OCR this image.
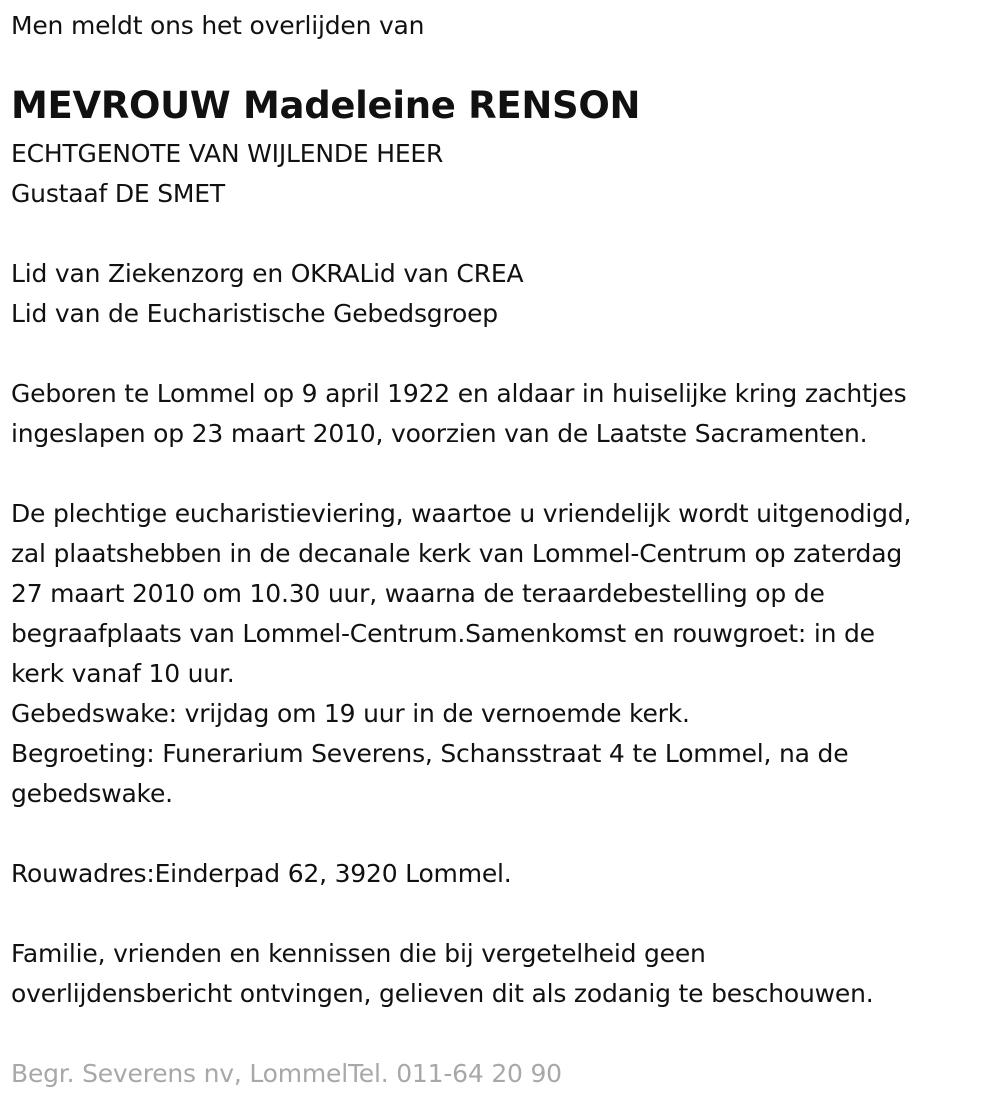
Men meldt ons het overlijden van
MEVROUW Madeleine RENSON
ECHTGENOTE VAN WIJLENDE HEER
Gustaaf DE SMET
Lid van Ziekenzorg en OKRALid van CREA
Lid van de Eucharistische Gebedsgroep
Geboren te Lommel op 9 april 1922 en aldaar in huiselijke kring zachtjes
ingeslapen op 23 maart 2010, voorzien van de Laatste Sacramenten.
De plechtige eucharistieviering, waartoe u vriendelijk wordt uitgenodigd,
zal plaatshebben in de decanale kerk van Lommel-Centrum op zaterdag
27 maart 2010 om 10.30 uur, waarna de teraardebestelling op de
begraafplaats van Lommel-Centrum.Samenkomst en rouwgroet: in de
kerk vanaf 10 uur.
Gebedswake: vrijdag om 19 uur in de vernoemde kerk.
Begroeting: Funerarium Severens, Schansstraat 4 te Lommel, na de
gebedswake.
Rouwadres:Einderpad 62, 3920 Lommel.
Familie, vrienden en kennissen die bij vergetelheid geen
overlijdensbericht ontvingen, gelieven dit als zodanig te beschouwen.
Begr. Severens nv, LommelTel. 011-64 20 90
